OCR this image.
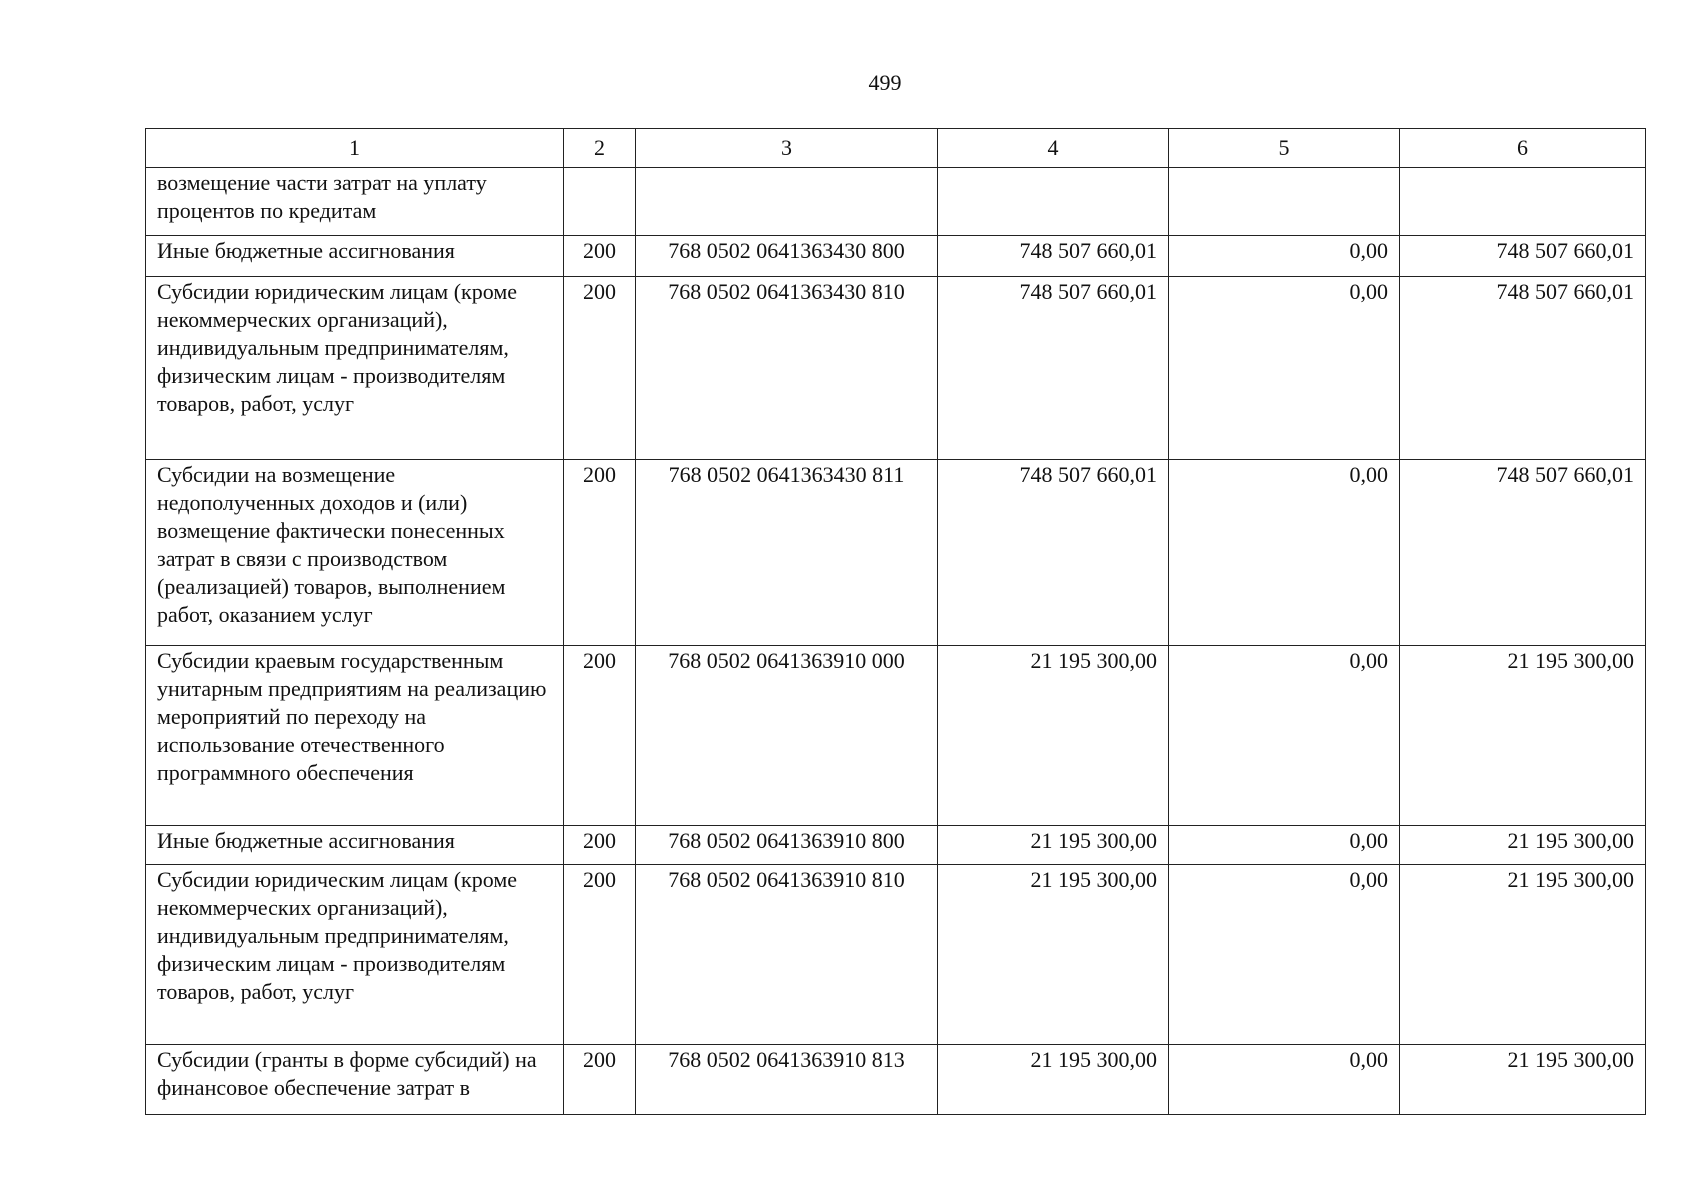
499
1	2	3	4	5	6
возмещение части затрат на уплату процентов по кредитам					
Иные бюджетные ассигнования	200	768 0502 0641363430 800	748 507 660,01	0,00	748 507 660,01
Субсидии юридическим лицам (кроме некоммерческих организаций), индивидуальным предпринимателям, физическим лицам - производителям товаров, работ, услуг	200	768 0502 0641363430 810	748 507 660,01	0,00	748 507 660,01
Субсидии на возмещение недополученных доходов и (или) возмещение фактически понесенных затрат в связи с производством (реализацией) товаров, выполнением работ, оказанием услуг	200	768 0502 0641363430 811	748 507 660,01	0,00	748 507 660,01
Субсидии краевым государственным унитарным предприятиям на реализацию мероприятий по переходу на использование отечественного программного обеспечения	200	768 0502 0641363910 000	21 195 300,00	0,00	21 195 300,00
Иные бюджетные ассигнования	200	768 0502 0641363910 800	21 195 300,00	0,00	21 195 300,00
Субсидии юридическим лицам (кроме некоммерческих организаций), индивидуальным предпринимателям, физическим лицам - производителям товаров, работ, услуг	200	768 0502 0641363910 810	21 195 300,00	0,00	21 195 300,00
Субсидии (гранты в форме субсидий) на финансовое обеспечение затрат в	200	768 0502 0641363910 813	21 195 300,00	0,00	21 195 300,00
